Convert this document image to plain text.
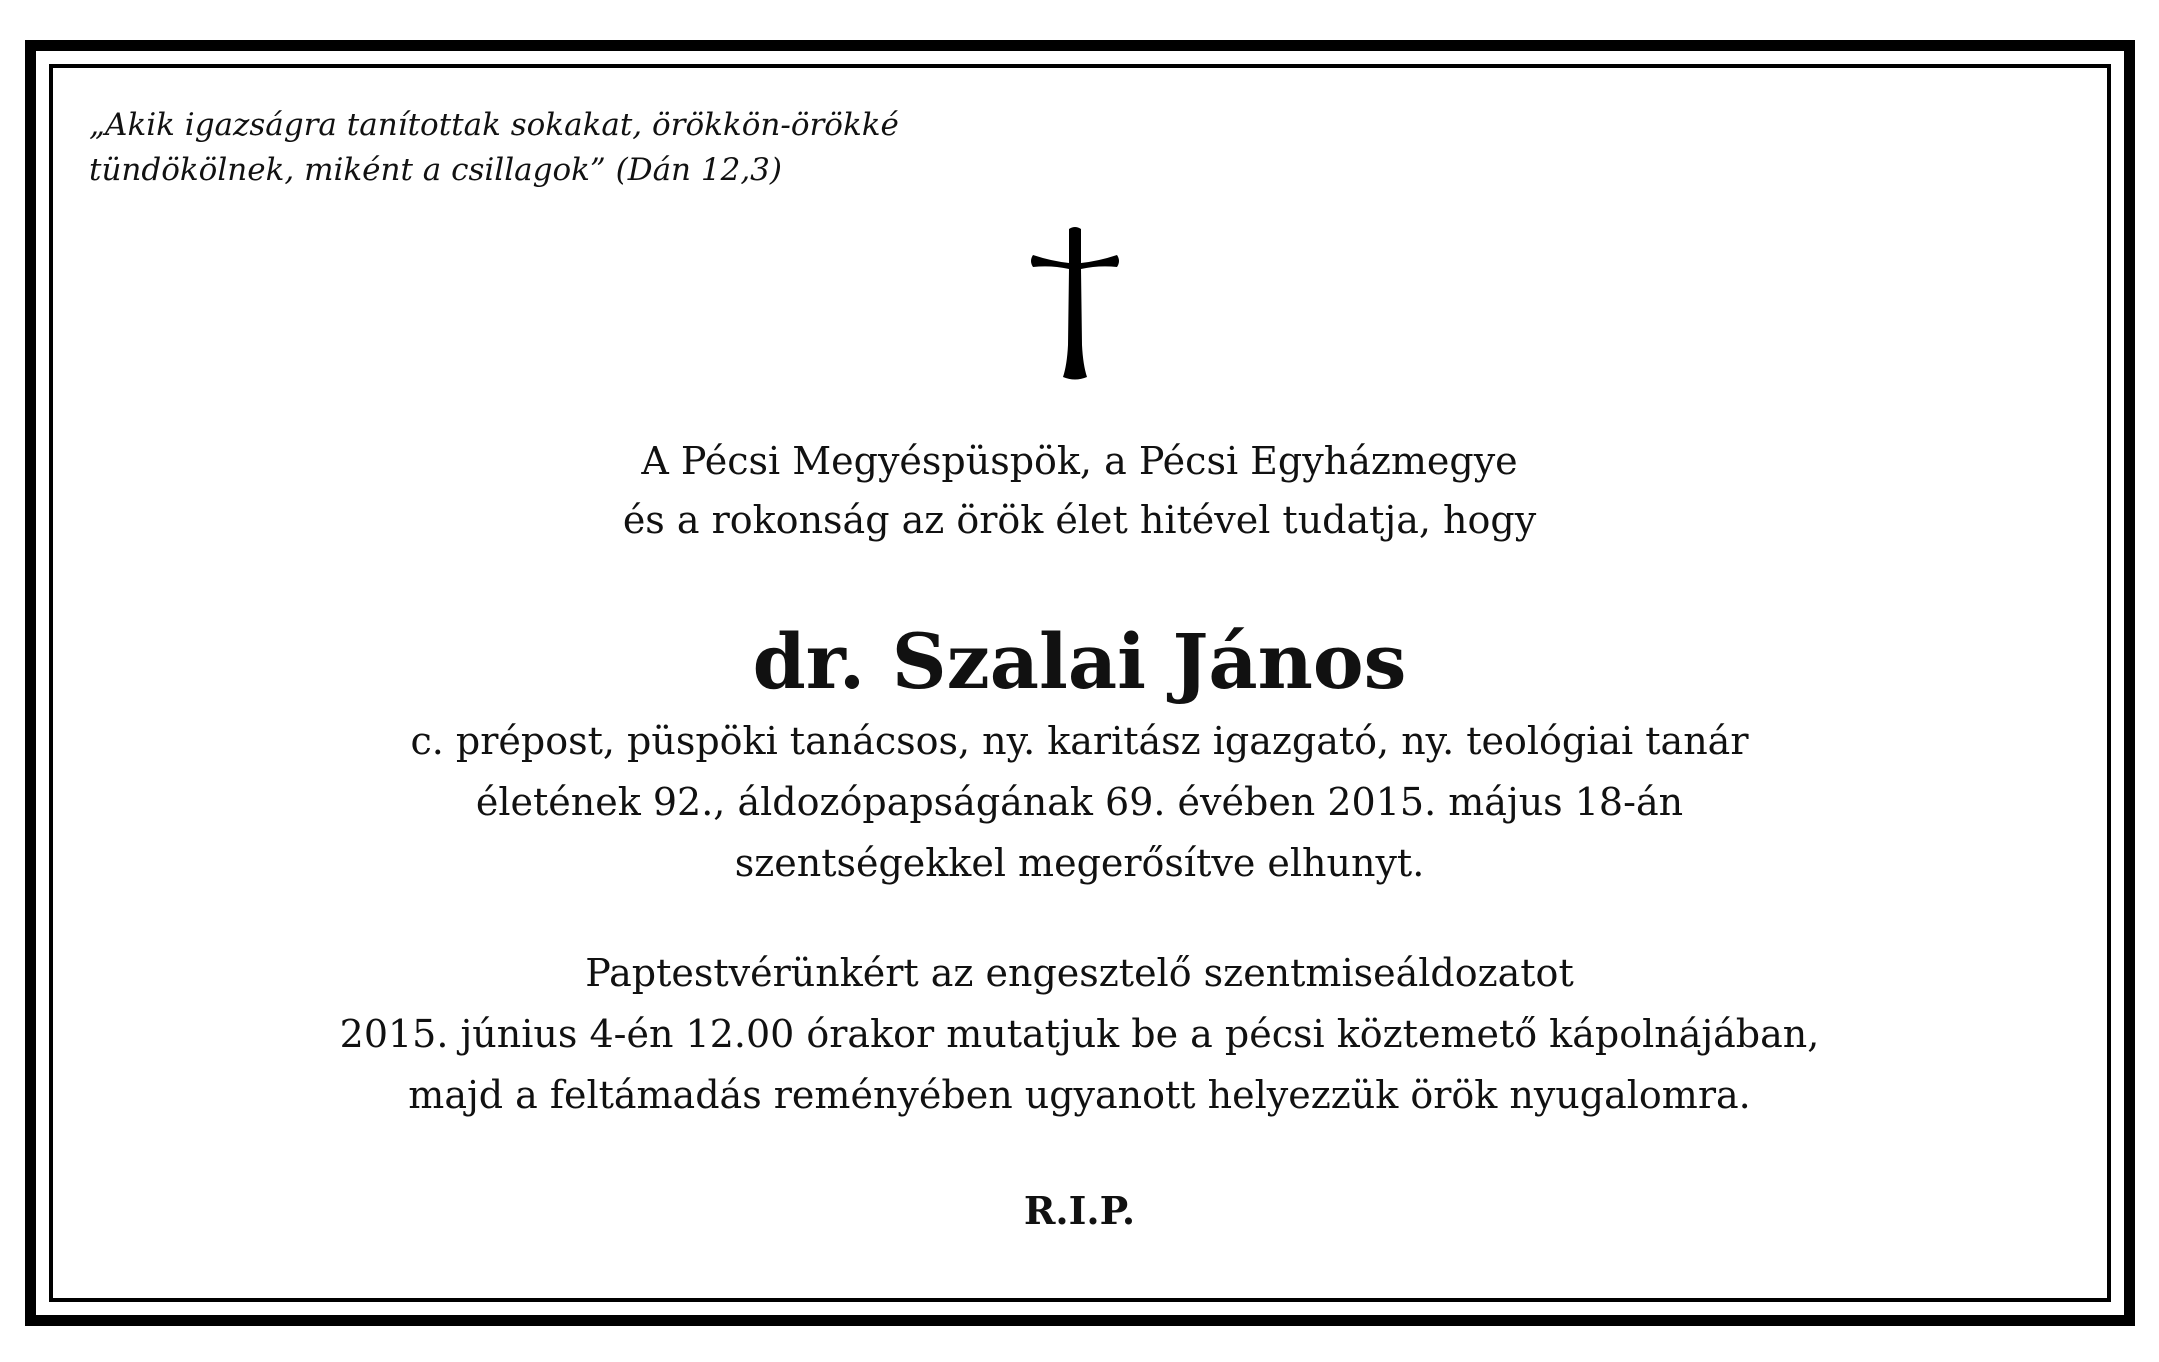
„Akik igazságra tanítottak sokakat, örökkön-örökké
tündökölnek, miként a csillagok” (Dán 12,3)
A Pécsi Megyéspüspök, a Pécsi Egyházmegye
és a rokonság az örök élet hitével tudatja, hogy
dr. Szalai János
c. prépost, püspöki tanácsos, ny. karitász igazgató, ny. teológiai tanár
életének 92., áldozópapságának 69. évében 2015. május 18-án
szentségekkel megerősítve elhunyt.
Paptestvérünkért az engesztelő szentmiseáldozatot
2015. június 4-én 12.00 órakor mutatjuk be a pécsi köztemető kápolnájában,
majd a feltámadás reményében ugyanott helyezzük örök nyugalomra.
R.I.P.
